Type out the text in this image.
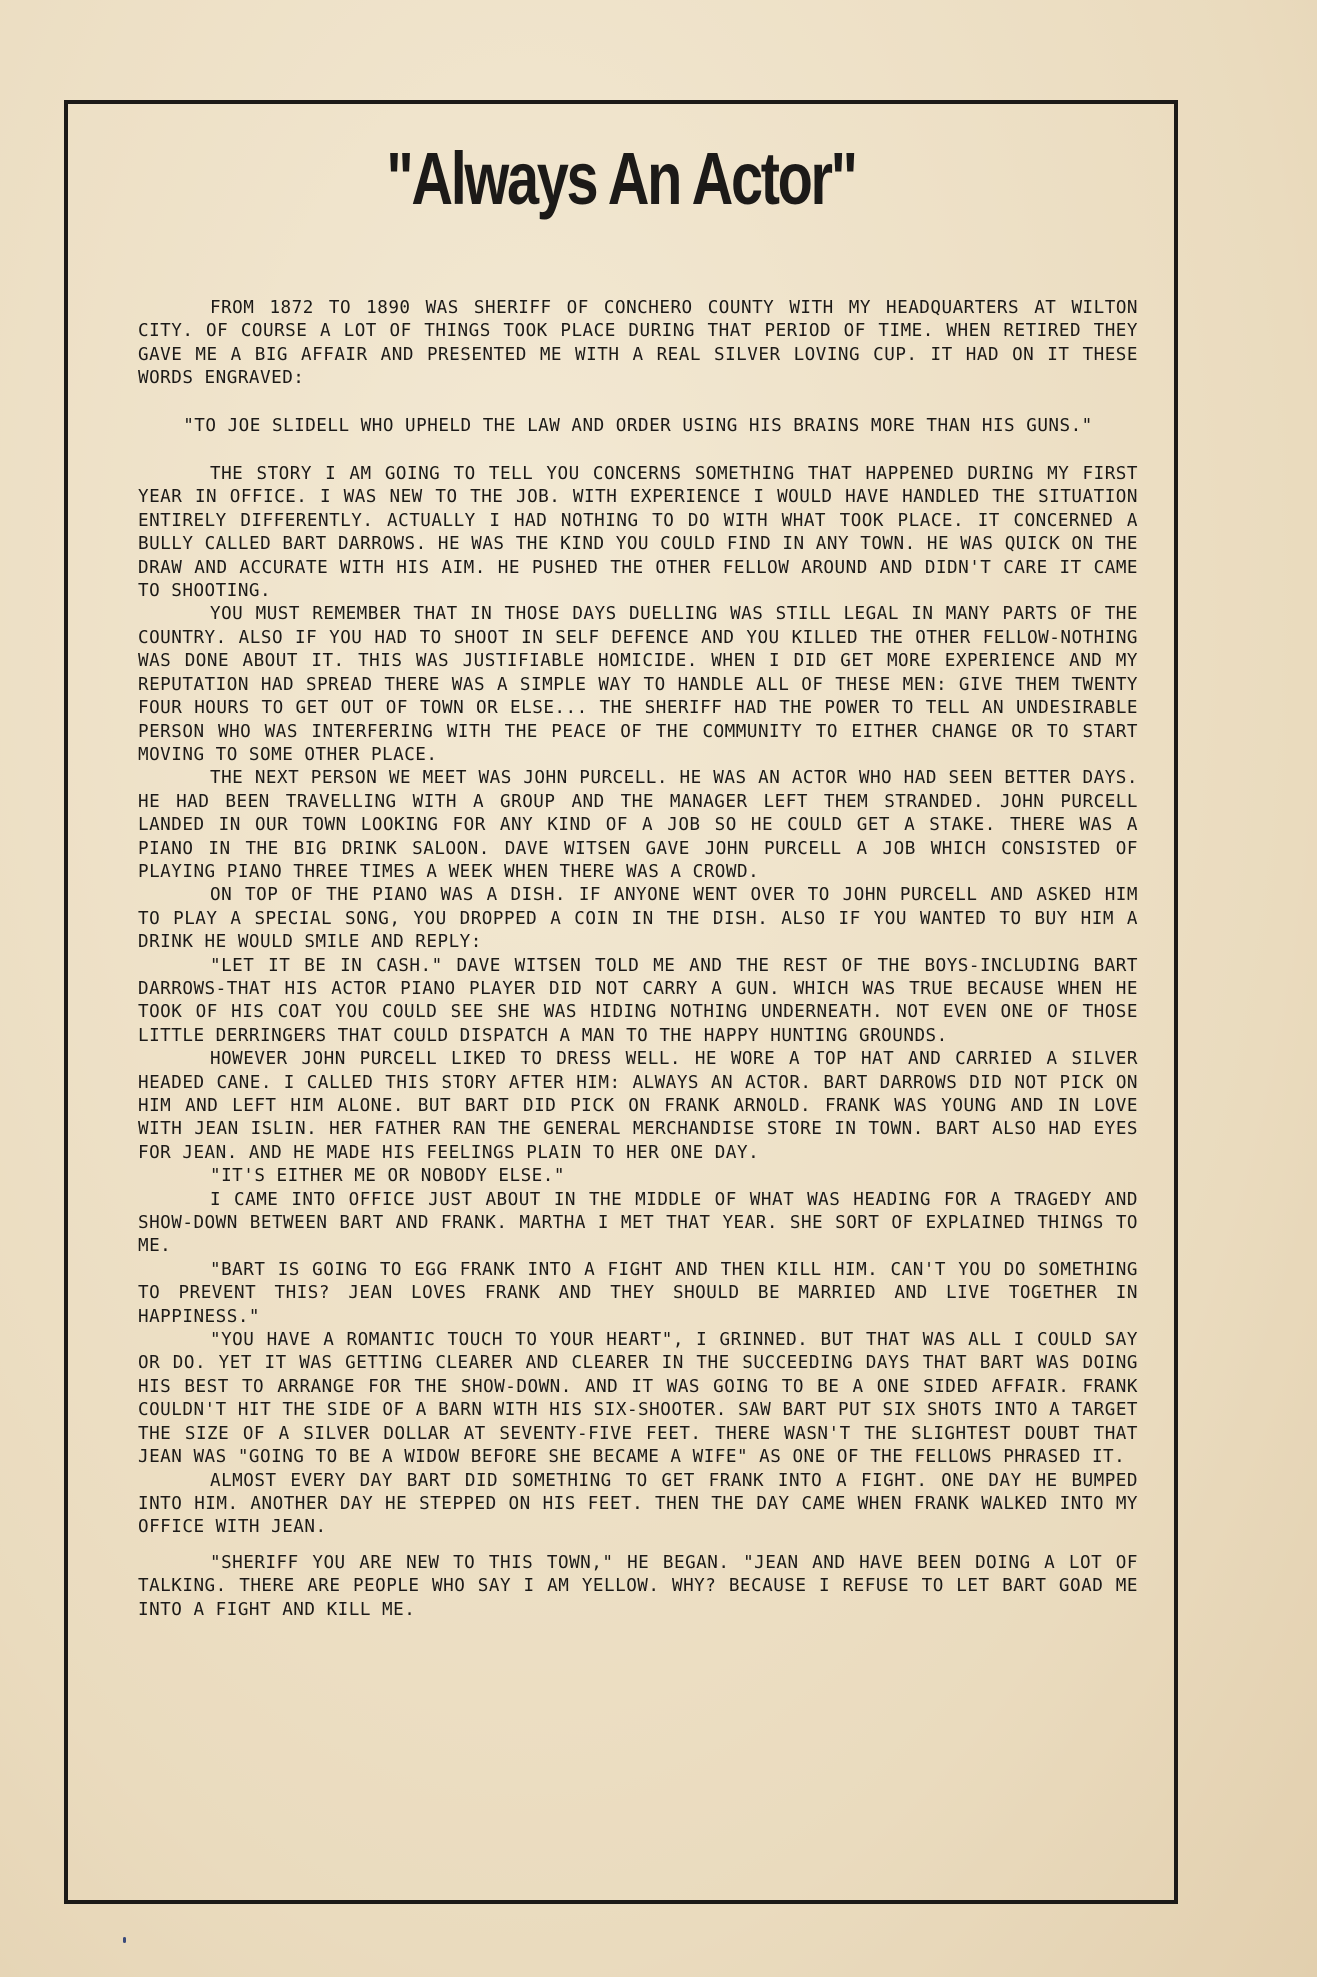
"Always An Actor"

FROM 1872 TO 1890 WAS SHERIFF OF CONCHERO COUNTY WITH MY HEADQUARTERS AT WILTON CITY. OF COURSE A LOT OF THINGS TOOK PLACE DURING THAT PERIOD OF TIME. WHEN RETIRED THEY GAVE ME A BIG AFFAIR AND PRESENTED ME WITH A REAL SILVER LOVING CUP. IT HAD ON IT THESE WORDS ENGRAVED:

"TO JOE SLIDELL WHO UPHELD THE LAW AND ORDER USING HIS BRAINS MORE THAN HIS GUNS."

THE STORY I AM GOING TO TELL YOU CONCERNS SOMETHING THAT HAPPENED DURING MY FIRST YEAR IN OFFICE. I WAS NEW TO THE JOB. WITH EXPERIENCE I WOULD HAVE HANDLED THE SITUATION ENTIRELY DIFFERENTLY. ACTUALLY I HAD NOTHING TO DO WITH WHAT TOOK PLACE. IT CONCERNED A BULLY CALLED BART DARROWS. HE WAS THE KIND YOU COULD FIND IN ANY TOWN. HE WAS QUICK ON THE DRAW AND ACCURATE WITH HIS AIM. HE PUSHED THE OTHER FELLOW AROUND AND DIDN'T CARE IT CAME TO SHOOTING.

YOU MUST REMEMBER THAT IN THOSE DAYS DUELLING WAS STILL LEGAL IN MANY PARTS OF THE COUNTRY. ALSO IF YOU HAD TO SHOOT IN SELF DEFENCE AND YOU KILLED THE OTHER FELLOW-NOTHING WAS DONE ABOUT IT. THIS WAS JUSTIFIABLE HOMICIDE. WHEN I DID GET MORE EXPERIENCE AND MY REPUTATION HAD SPREAD THERE WAS A SIMPLE WAY TO HANDLE ALL OF THESE MEN: GIVE THEM TWENTY FOUR HOURS TO GET OUT OF TOWN OR ELSE... THE SHERIFF HAD THE POWER TO TELL AN UNDESIRABLE PERSON WHO WAS INTERFERING WITH THE PEACE OF THE COMMUNITY TO EITHER CHANGE OR TO START MOVING TO SOME OTHER PLACE.

THE NEXT PERSON WE MEET WAS JOHN PURCELL. HE WAS AN ACTOR WHO HAD SEEN BETTER DAYS. HE HAD BEEN TRAVELLING WITH A GROUP AND THE MANAGER LEFT THEM STRANDED. JOHN PURCELL LANDED IN OUR TOWN LOOKING FOR ANY KIND OF A JOB SO HE COULD GET A STAKE. THERE WAS A PIANO IN THE BIG DRINK SALOON. DAVE WITSEN GAVE JOHN PURCELL A JOB WHICH CONSISTED OF PLAYING PIANO THREE TIMES A WEEK WHEN THERE WAS A CROWD.

ON TOP OF THE PIANO WAS A DISH. IF ANYONE WENT OVER TO JOHN PURCELL AND ASKED HIM TO PLAY A SPECIAL SONG, YOU DROPPED A COIN IN THE DISH. ALSO IF YOU WANTED TO BUY HIM A DRINK HE WOULD SMILE AND REPLY:

"LET IT BE IN CASH." DAVE WITSEN TOLD ME AND THE REST OF THE BOYS-INCLUDING BART DARROWS-THAT HIS ACTOR PIANO PLAYER DID NOT CARRY A GUN. WHICH WAS TRUE BECAUSE WHEN HE TOOK OF HIS COAT YOU COULD SEE SHE WAS HIDING NOTHING UNDERNEATH. NOT EVEN ONE OF THOSE LITTLE DERRINGERS THAT COULD DISPATCH A MAN TO THE HAPPY HUNTING GROUNDS.

HOWEVER JOHN PURCELL LIKED TO DRESS WELL. HE WORE A TOP HAT AND CARRIED A SILVER HEADED CANE. I CALLED THIS STORY AFTER HIM: ALWAYS AN ACTOR. BART DARROWS DID NOT PICK ON HIM AND LEFT HIM ALONE. BUT BART DID PICK ON FRANK ARNOLD. FRANK WAS YOUNG AND IN LOVE WITH JEAN ISLIN. HER FATHER RAN THE GENERAL MERCHANDISE STORE IN TOWN. BART ALSO HAD EYES FOR JEAN. AND HE MADE HIS FEELINGS PLAIN TO HER ONE DAY.

"IT'S EITHER ME OR NOBODY ELSE."

I CAME INTO OFFICE JUST ABOUT IN THE MIDDLE OF WHAT WAS HEADING FOR A TRAGEDY AND SHOW-DOWN BETWEEN BART AND FRANK. MARTHA I MET THAT YEAR. SHE SORT OF EXPLAINED THINGS TO ME.

"BART IS GOING TO EGG FRANK INTO A FIGHT AND THEN KILL HIM. CAN'T YOU DO SOMETHING TO PREVENT THIS? JEAN LOVES FRANK AND THEY SHOULD BE MARRIED AND LIVE TOGETHER IN HAPPINESS."

"YOU HAVE A ROMANTIC TOUCH TO YOUR HEART", I GRINNED. BUT THAT WAS ALL I COULD SAY OR DO. YET IT WAS GETTING CLEARER AND CLEARER IN THE SUCCEEDING DAYS THAT BART WAS DOING HIS BEST TO ARRANGE FOR THE SHOW-DOWN. AND IT WAS GOING TO BE A ONE SIDED AFFAIR. FRANK COULDN'T HIT THE SIDE OF A BARN WITH HIS SIX-SHOOTER. SAW BART PUT SIX SHOTS INTO A TARGET THE SIZE OF A SILVER DOLLAR AT SEVENTY-FIVE FEET. THERE WASN'T THE SLIGHTEST DOUBT THAT JEAN WAS "GOING TO BE A WIDOW BEFORE SHE BECAME A WIFE" AS ONE OF THE FELLOWS PHRASED IT.

ALMOST EVERY DAY BART DID SOMETHING TO GET FRANK INTO A FIGHT. ONE DAY HE BUMPED INTO HIM. ANOTHER DAY HE STEPPED ON HIS FEET. THEN THE DAY CAME WHEN FRANK WALKED INTO MY OFFICE WITH JEAN.

"SHERIFF YOU ARE NEW TO THIS TOWN," HE BEGAN. "JEAN AND HAVE BEEN DOING A LOT OF TALKING. THERE ARE PEOPLE WHO SAY I AM YELLOW. WHY? BECAUSE I REFUSE TO LET BART GOAD ME INTO A FIGHT AND KILL ME.
